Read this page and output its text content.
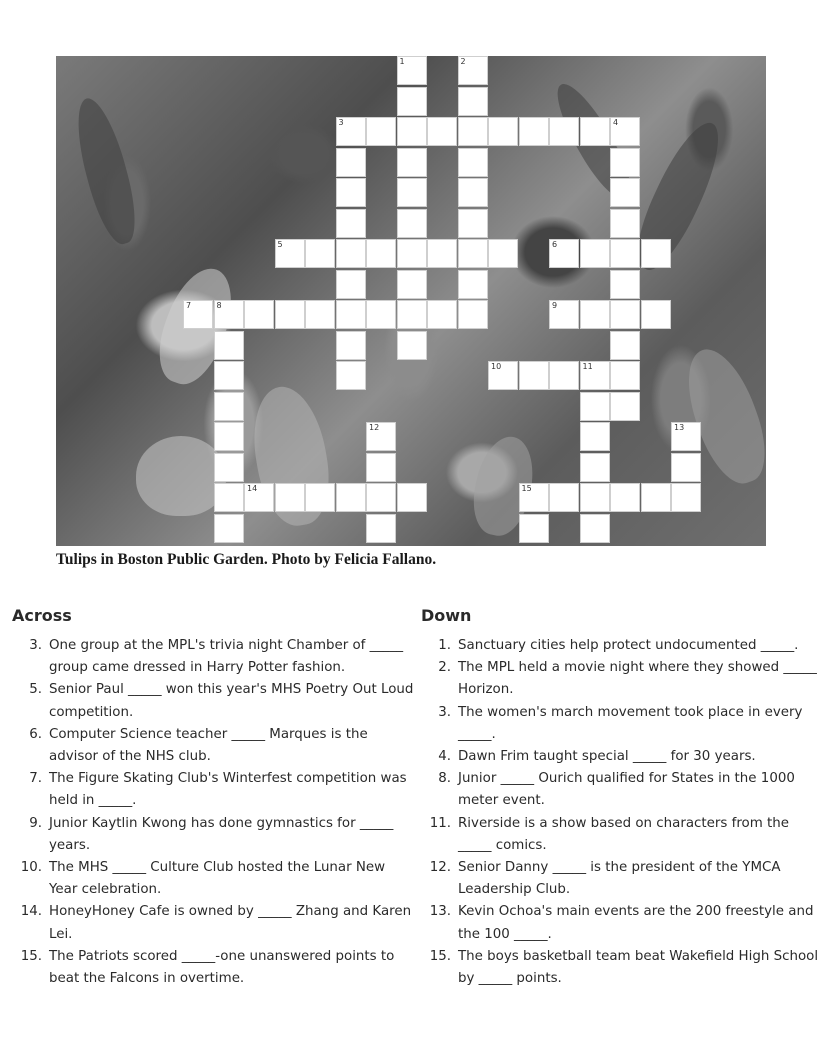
1	2
3	4
5	6
7	8	9
10	11
12	13
14	15
Tulips in Boston Public Garden. Photo by Felicia Fallano.
Across
3. One group at the MPL's trivia night Chamber of _____ group came dressed in Harry Potter fashion.
5. Senior Paul _____ won this year's MHS Poetry Out Loud competition.
6. Computer Science teacher _____ Marques is the advisor of the NHS club.
7. The Figure Skating Club's Winterfest competition was held in _____.
9. Junior Kaytlin Kwong has done gymnastics for _____ years.
10. The MHS _____ Culture Club hosted the Lunar New Year celebration.
14. HoneyHoney Cafe is owned by _____ Zhang and Karen Lei.
15. The Patriots scored _____-one unanswered points to beat the Falcons in overtime.
Down
1. Sanctuary cities help protect undocumented _____.
2. The MPL held a movie night where they showed _____ Horizon.
3. The women's march movement took place in every _____.
4. Dawn Frim taught special _____ for 30 years.
8. Junior _____ Ourich qualified for States in the 1000 meter event.
11. Riverside is a show based on characters from the _____ comics.
12. Senior Danny _____ is the president of the YMCA Leadership Club.
13. Kevin Ochoa's main events are the 200 freestyle and the 100 _____.
15. The boys basketball team beat Wakefield High School by _____ points.
